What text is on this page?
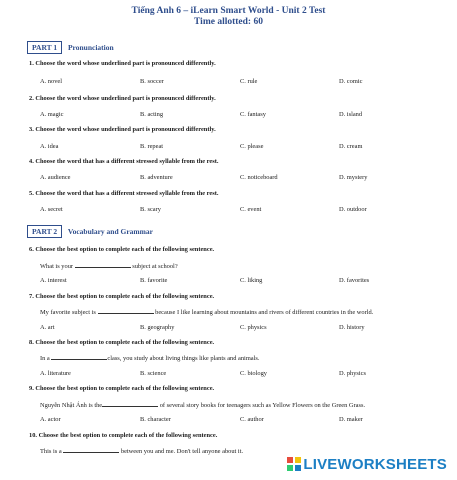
Tiếng Anh 6 – iLearn Smart World - Unit 2 Test
Time allotted: 60
PART 1 Pronunciation
1. Choose the word whose underlined part is pronounced differently.
A. novel	B. soccer	C. rule	D. comic
2. Choose the word whose underlined part is pronounced differently.
A. magic	B. acting	C. fantasy	D. island
3. Choose the word whose underlined part is pronounced differently.
A. idea	B. repeat	C. please	D. cream
4. Choose the word that has a different stressed syllable from the rest.
A. audience	B. adventure	C. noticeboard	D. mystery
5. Choose the word that has a different stressed syllable from the rest.
A. secret	B. scary	C. event	D. outdoor
PART 2 Vocabulary and Grammar
6. Choose the best option to complete each of the following sentence.
What is your	subject at school?
A. interest	B. favorite	C. liking	D. favorites
7. Choose the best option to complete each of the following sentence.
My favorite subject is	because I like learning about mountains and rivers of different countries in the world.
A. art	B. geography	C. physics	D. history
8. Choose the best option to complete each of the following sentence.
In a	class, you study about living things like plants and animals.
A. literature	B. science	C. biology	D. physics
9. Choose the best option to complete each of the following sentence.
Nguyễn Nhật Ánh is the	of several story books for teenagers such as Yellow Flowers on the Green Grass.
A. actor	B. character	C. author	D. maker
10. Choose the best option to complete each of the following sentence.
This is a	between you and me. Don't tell anyone about it.
LIVEWORKSHEETS
